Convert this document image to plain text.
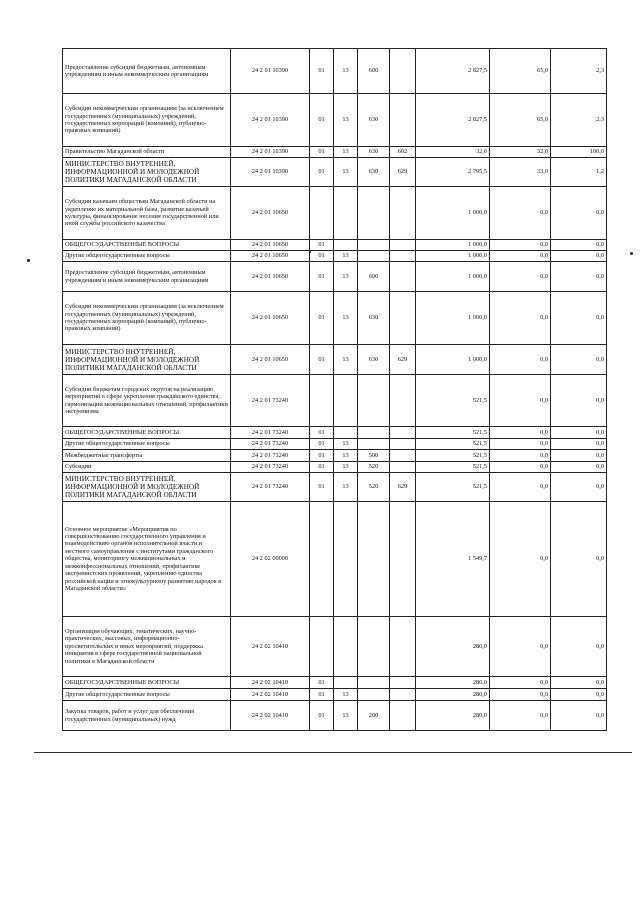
Предоставление субсидий бюджетным, автономным учреждениям и иным некоммерческим организациям	24 2 01 10390	01	13	600		2 827,5	65,0	2,3
Субсидии некоммерческим организациям (за исключением государственных (муниципальных) учреждений, государственных корпораций (компаний), публично-правовых компаний)	24 2 01 10390	01	13	630		2 827,5	65,0	2,3
Правительство Магаданской области	24 2 01 10390	01	13	630	602	32,0	32,0	100,0
МИНИСТЕРСТВО ВНУТРЕННЕЙ, ИНФОРМАЦИОННОЙ И МОЛОДЕЖНОЙ ПОЛИТИКИ МАГАДАНСКОЙ ОБЛАСТИ	24 2 01 10390	01	13	630	629	2 795,5	33,0	1,2
Субсидии казачьим обществам Магаданской области на укрепление их материальной базы, развитие казачьей культуры, финансирование несения государственной или иной службы российского казачества	24 2 01 10650					1 000,0	0,0	0,0
ОБЩЕГОСУДАРСТВЕННЫЕ ВОПРОСЫ	24 2 01 10650	01				1 000,0	0,0	0,0
Другие общегосударственные вопросы	24 2 01 10650	01	13			1 000,0	0,0	0,0
Предоставление субсидий бюджетным, автономным учреждениям и иным некоммерческим организациям	24 2 01 10650	01	13	600		1 000,0	0,0	0,0
Субсидии некоммерческим организациям (за исключением государственных (муниципальных) учреждений, государственных корпораций (компаний), публично-правовых компаний)	24 2 01 10650	01	13	630		1 000,0	0,0	0,0
МИНИСТЕРСТВО ВНУТРЕННЕЙ, ИНФОРМАЦИОННОЙ И МОЛОДЕЖНОЙ ПОЛИТИКИ МАГАДАНСКОЙ ОБЛАСТИ	24 2 01 10650	01	13	630	629	1 000,0	0,0	0,0
Субсидии бюджетам городских округов на реализацию мероприятий в сфере укрепления гражданского единства, гармонизации межнациональных отношений, профилактики экстремизма	24 2 01 73240					521,5	0,0	0,0
ОБЩЕГОСУДАРСТВЕННЫЕ ВОПРОСЫ	24 2 01 73240	01				521,5	0,0	0,0
Другие общегосударственные вопросы	24 2 01 73240	01	13			521,5	0,0	0,0
Межбюджетные трансферты	24 2 01 73240	01	13	500		521,5	0,0	0,0
Субсидии	24 2 01 73240	01	13	520		521,5	0,0	0,0
МИНИСТЕРСТВО ВНУТРЕННЕЙ, ИНФОРМАЦИОННОЙ И МОЛОДЕЖНОЙ ПОЛИТИКИ МАГАДАНСКОЙ ОБЛАСТИ	24 2 01 73240	01	13	520	629	521,5	0,0	0,0
Основное мероприятие «Мероприятия по совершенствованию государственного управления и взаимодействию органов исполнительной власти и местного самоуправления с институтами гражданского общества, мониторингу межнациональных и межконфессиональных отношений, профилактике экстремистских проявлений, укреплению единства российской нации и этнокультурному развитию народов в Магаданской области»	24 2 02 00000					1 549,7	0,0	0,0
Организация обучающих, тематических, научно-практических, массовых, информационно-просветительских и иных мероприятий, поддержка инициатив в сфере государственной национальной политики в Магаданской области	24 2 02 10410					280,0	0,0	0,0
ОБЩЕГОСУДАРСТВЕННЫЕ ВОПРОСЫ	24 2 02 10410	01				280,0	0,0	0,0
Другие общегосударственные вопросы	24 2 02 10410	01	13			280,0	0,0	0,0
Закупка товаров, работ и услуг для обеспечения государственных (муниципальных) нужд	24 2 02 10410	01	13	200		280,0	0,0	0,0
